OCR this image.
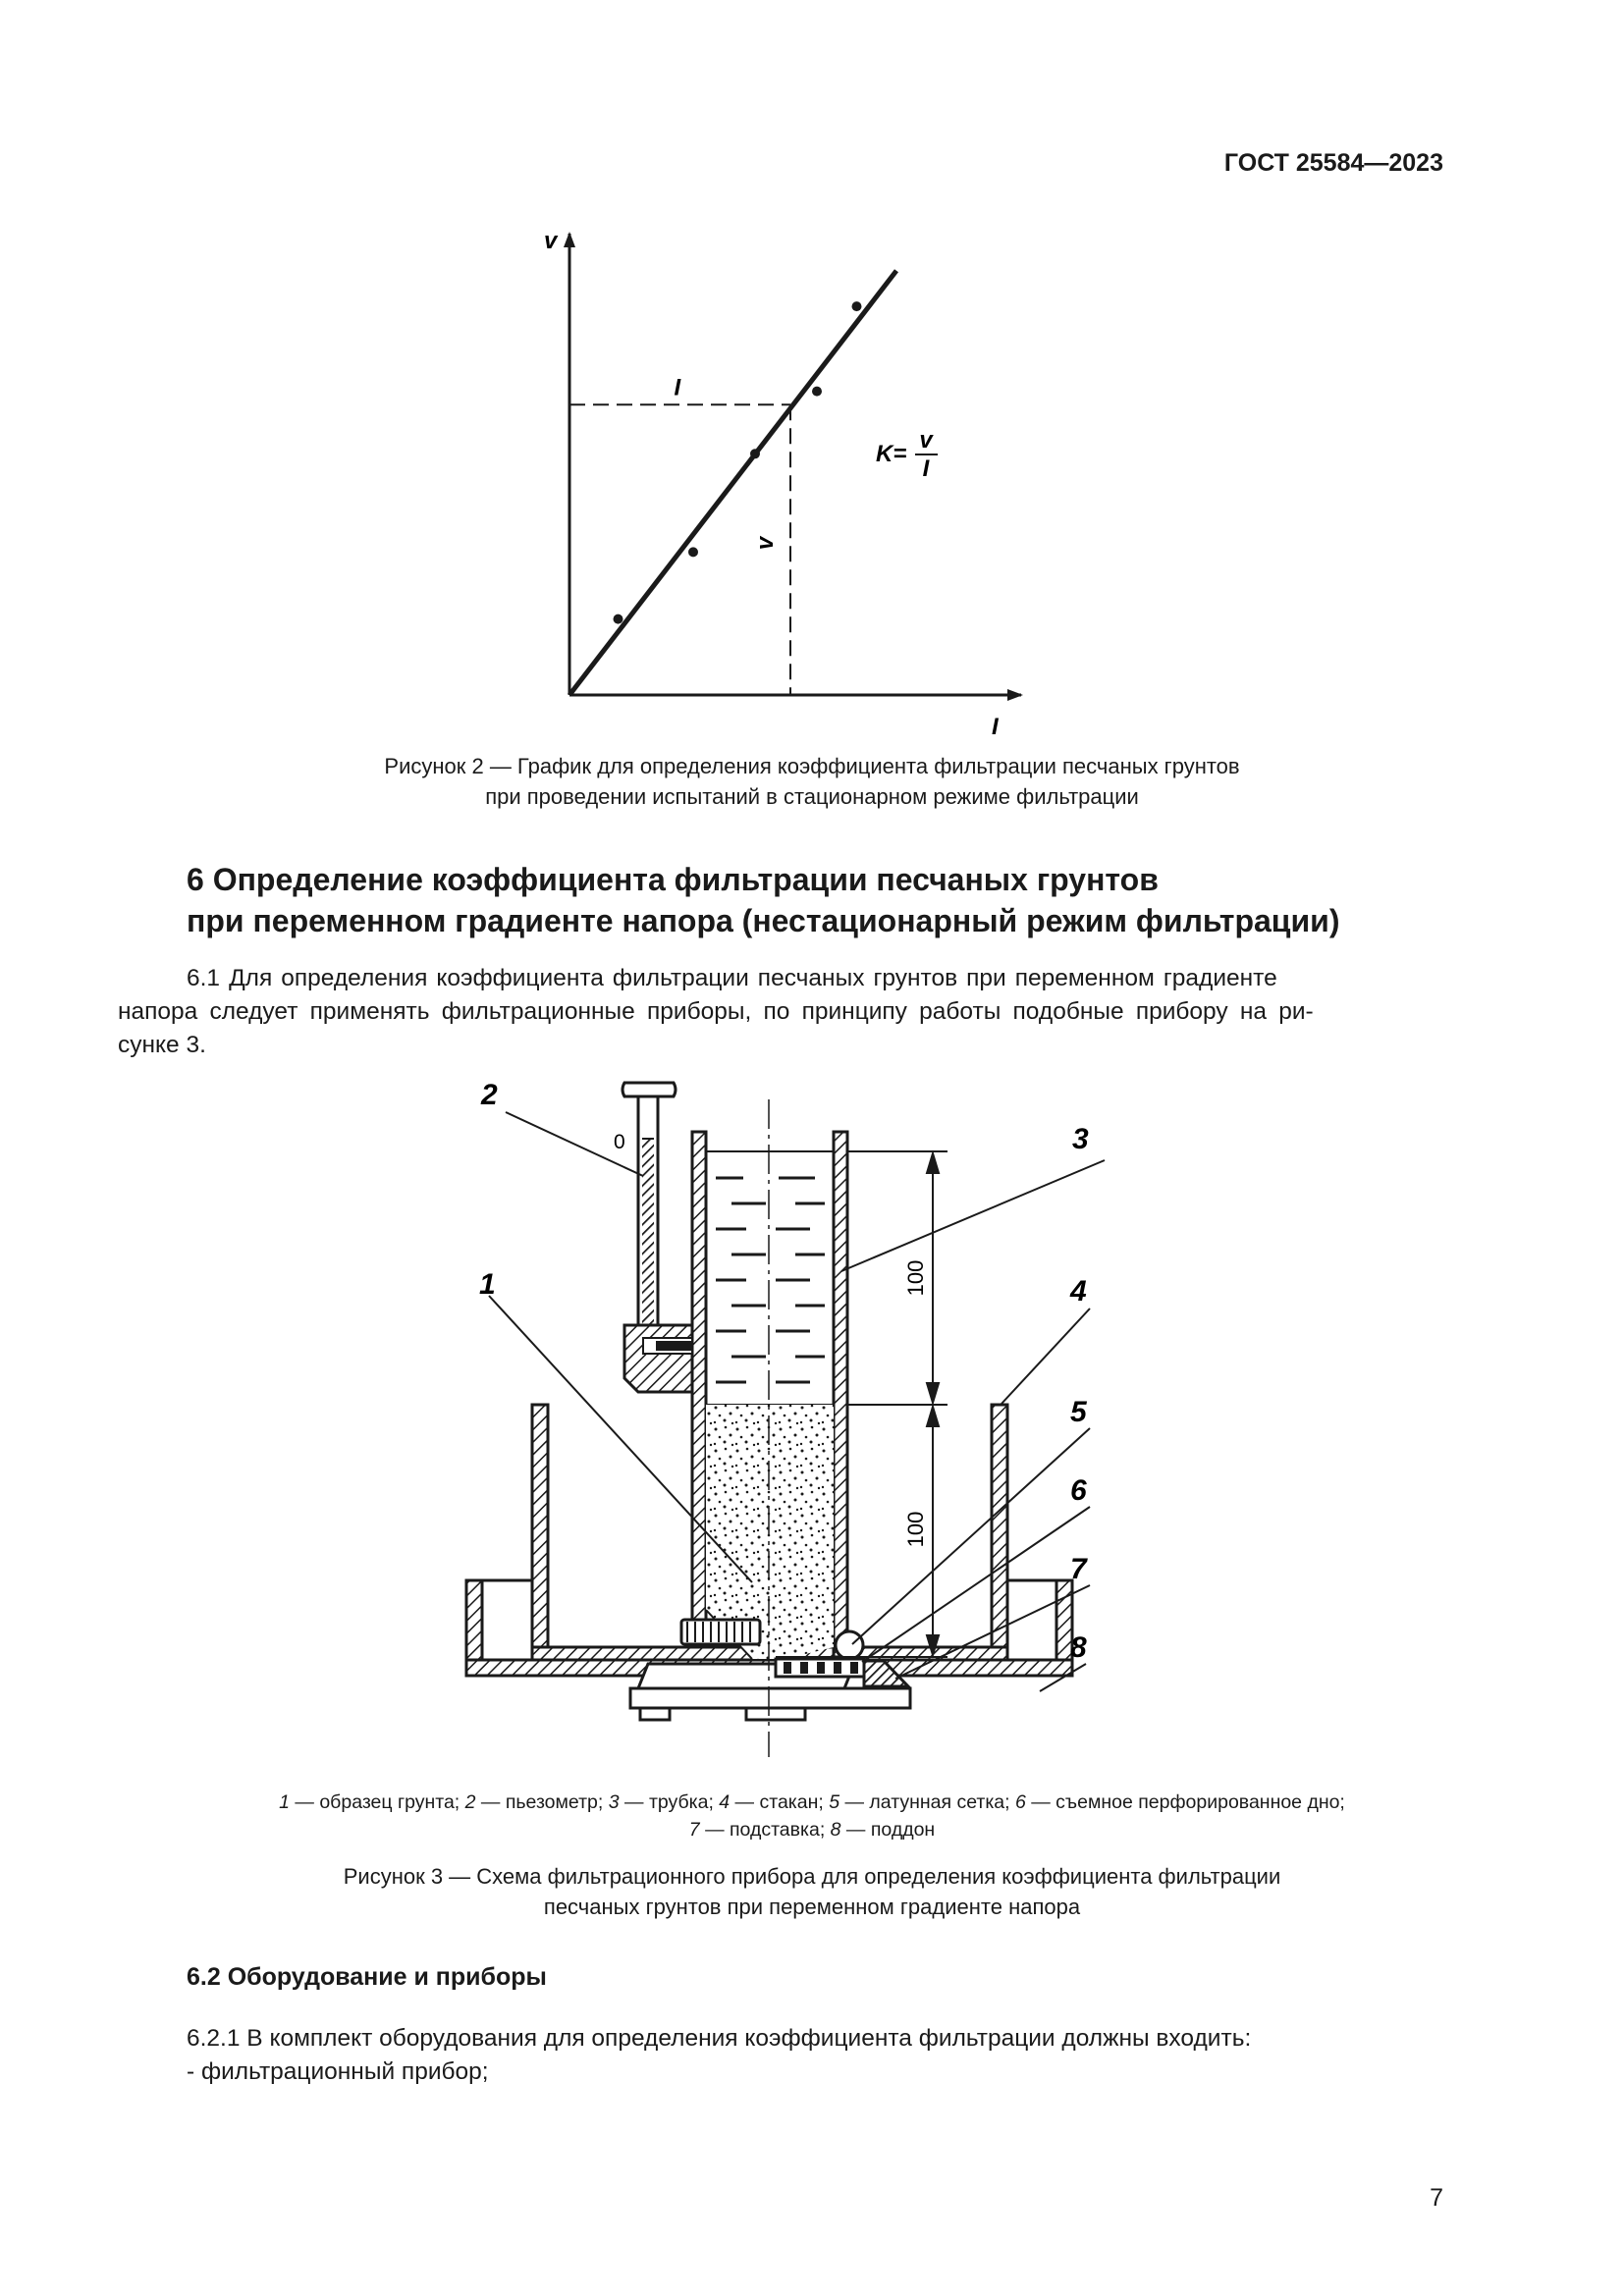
ГОСТ 25584—2023
v
I
I
v
K=
v
I
Рисунок 2 — График для определения коэффициента фильтрации песчаных грунтов
при проведении испытаний в стационарном режиме фильтрации
6 Определение коэффициента фильтрации песчаных грунтов
при переменном градиенте напора (нестационарный режим фильтрации)
6.1 Для определения коэффициента фильтрации песчаных грунтов при переменном градиенте
напора следует применять фильтрационные приборы, по принципу работы подобные прибору на ри-
сунке 3.
100
100
0
2
3
1	4
5
6
7
8
1 — образец грунта; 2 — пьезометр; 3 — трубка; 4 — стакан; 5 — латунная сетка; 6 — съемное перфорированное дно;
7 — подставка; 8 — поддон
Рисунок 3 — Схема фильтрационного прибора для определения коэффициента фильтрации
песчаных грунтов при переменном градиенте напора
6.2 Оборудование и приборы
6.2.1 В комплект оборудования для определения коэффициента фильтрации должны входить:
- фильтрационный прибор;
7
